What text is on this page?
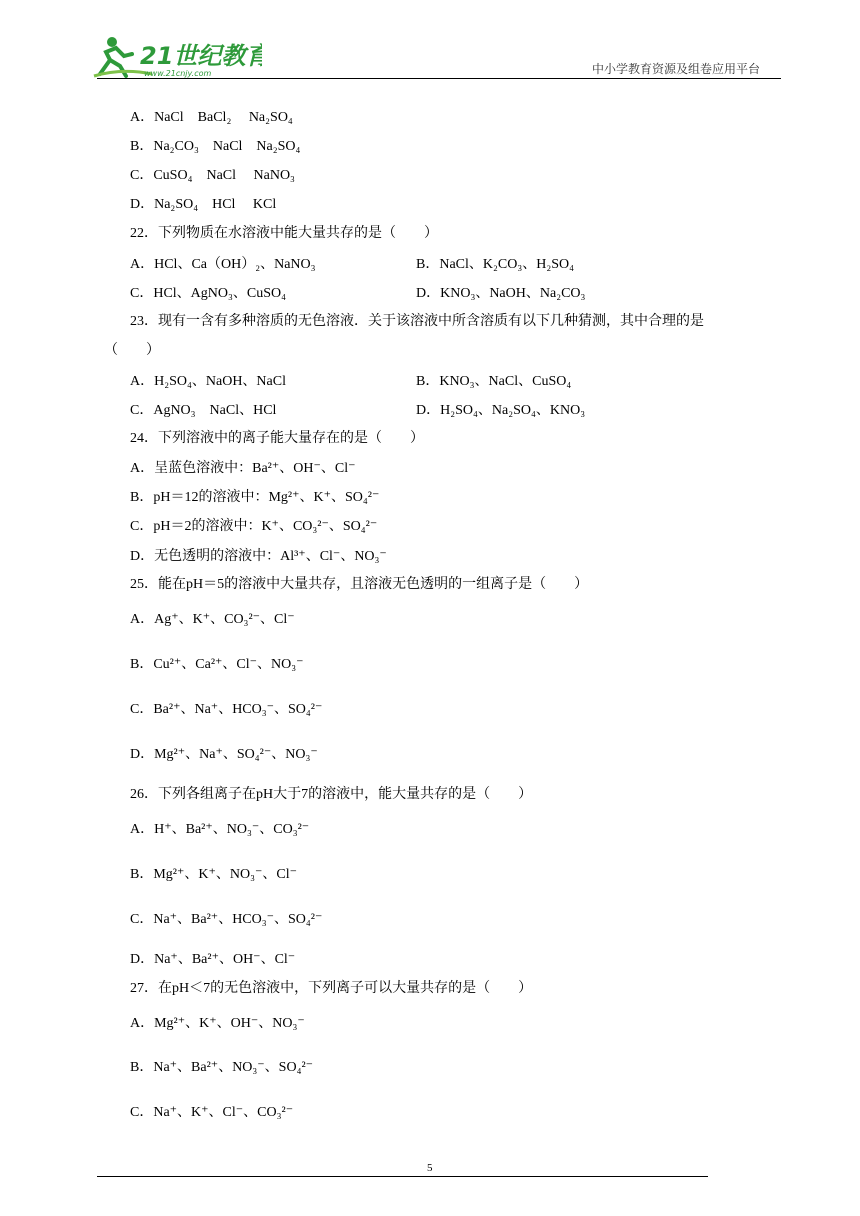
21世纪教育
www.21cnjy.com	中小学教育资源及组卷应用平台
A．NaCl　BaCl₂　 Na₂SO₄
B．Na₂CO₃　NaCl　Na₂SO₄
C．CuSO₄　NaCl　 NaNO₃
D．Na₂SO₄　HCl　 KCl
22．下列物质在水溶液中能大量共存的是（　　）
A．HCl、Ca（OH）₂、NaNO₃	B．NaCl、K₂CO₃、H₂SO₄
C．HCl、AgNO₃、CuSO₄	D．KNO₃、NaOH、Na₂CO₃
23．现有一含有多种溶质的无色溶液．关于该溶液中所含溶质有以下几种猜测，其中合理的是
（　　）
A．H₂SO₄、NaOH、NaCl	B．KNO₃、NaCl、CuSO₄
C．AgNO₃　NaCl、HCl	D．H₂SO₄、Na₂SO₄、KNO₃
24．下列溶液中的离子能大量存在的是（　　）
A．呈蓝色溶液中：Ba²⁺、OH⁻、Cl⁻
B．pH＝12的溶液中：Mg²⁺、K⁺、SO₄²⁻
C．pH＝2的溶液中：K⁺、CO₃²⁻、SO₄²⁻
D．无色透明的溶液中：Al³⁺、Cl⁻、NO₃⁻
25．能在pH＝5的溶液中大量共存，且溶液无色透明的一组离子是（　　）
A．Ag⁺、K⁺、CO₃²⁻、Cl⁻
B．Cu²⁺、Ca²⁺、Cl⁻、NO₃⁻
C．Ba²⁺、Na⁺、HCO₃⁻、SO₄²⁻
D．Mg²⁺、Na⁺、SO₄²⁻、NO₃⁻
26．下列各组离子在pH大于7的溶液中，能大量共存的是（　　）
A．H⁺、Ba²⁺、NO₃⁻、CO₃²⁻
B．Mg²⁺、K⁺、NO₃⁻、Cl⁻
C．Na⁺、Ba²⁺、HCO₃⁻、SO₄²⁻
D．Na⁺、Ba²⁺、OH⁻、Cl⁻
27．在pH＜7的无色溶液中，下列离子可以大量共存的是（　　）
A．Mg²⁺、K⁺、OH⁻、NO₃⁻
B．Na⁺、Ba²⁺、NO₃⁻、SO₄²⁻
C．Na⁺、K⁺、Cl⁻、CO₃²⁻
5
